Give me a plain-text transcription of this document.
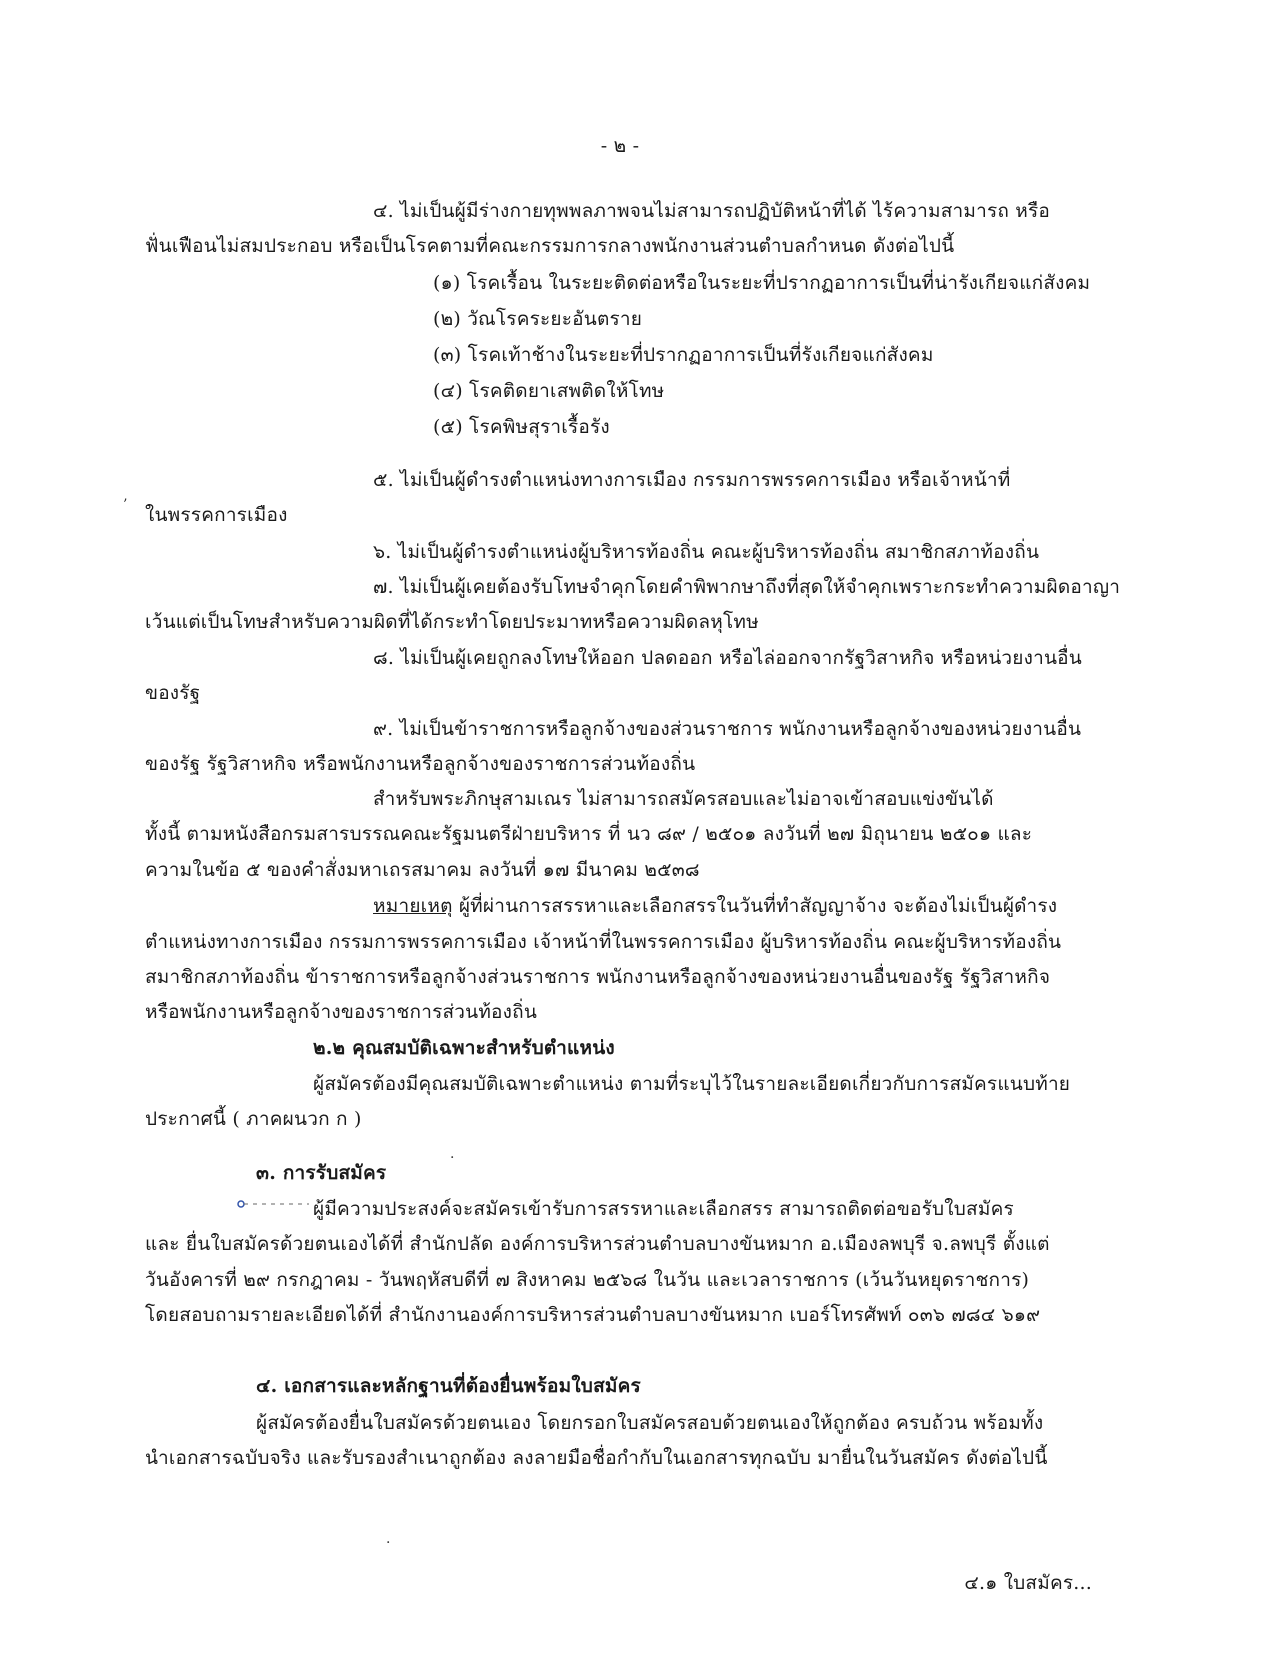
- ๒ -
๔. ไม่เป็นผู้มีร่างกายทุพพลภาพจนไม่สามารถปฏิบัติหน้าที่ได้ ไร้ความสามารถ หรือ
ฟั่นเฟือนไม่สมประกอบ หรือเป็นโรคตามที่คณะกรรมการกลางพนักงานส่วนตำบลกำหนด ดังต่อไปนี้
(๑) โรคเรื้อน ในระยะติดต่อหรือในระยะที่ปรากฏอาการเป็นที่น่ารังเกียจแก่สังคม
(๒) วัณโรคระยะอันตราย
(๓) โรคเท้าช้างในระยะที่ปรากฏอาการเป็นที่รังเกียจแก่สังคม
(๔) โรคติดยาเสพติดให้โทษ
(๕) โรคพิษสุราเรื้อรัง
๕. ไม่เป็นผู้ดำรงตำแหน่งทางการเมือง กรรมการพรรคการเมือง หรือเจ้าหน้าที่
ในพรรคการเมือง
๖. ไม่เป็นผู้ดำรงตำแหน่งผู้บริหารท้องถิ่น คณะผู้บริหารท้องถิ่น สมาชิกสภาท้องถิ่น
๗. ไม่เป็นผู้เคยต้องรับโทษจำคุกโดยคำพิพากษาถึงที่สุดให้จำคุกเพราะกระทำความผิดอาญา
เว้นแต่เป็นโทษสำหรับความผิดที่ได้กระทำโดยประมาทหรือความผิดลหุโทษ
๘. ไม่เป็นผู้เคยถูกลงโทษให้ออก ปลดออก หรือไล่ออกจากรัฐวิสาหกิจ หรือหน่วยงานอื่น
ของรัฐ
๙. ไม่เป็นข้าราชการหรือลูกจ้างของส่วนราชการ พนักงานหรือลูกจ้างของหน่วยงานอื่น
ของรัฐ รัฐวิสาหกิจ หรือพนักงานหรือลูกจ้างของราชการส่วนท้องถิ่น
สำหรับพระภิกษุสามเณร ไม่สามารถสมัครสอบและไม่อาจเข้าสอบแข่งขันได้
ทั้งนี้ ตามหนังสือกรมสารบรรณคณะรัฐมนตรีฝ่ายบริหาร ที่ นว ๘๙ / ๒๕๐๑ ลงวันที่ ๒๗ มิถุนายน ๒๕๐๑ และ
ความในข้อ ๕ ของคำสั่งมหาเถรสมาคม ลงวันที่ ๑๗ มีนาคม ๒๕๓๘
หมายเหตุ ผู้ที่ผ่านการสรรหาและเลือกสรรในวันที่ทำสัญญาจ้าง จะต้องไม่เป็นผู้ดำรง
ตำแหน่งทางการเมือง กรรมการพรรคการเมือง เจ้าหน้าที่ในพรรคการเมือง ผู้บริหารท้องถิ่น คณะผู้บริหารท้องถิ่น
สมาชิกสภาท้องถิ่น ข้าราชการหรือลูกจ้างส่วนราชการ พนักงานหรือลูกจ้างของหน่วยงานอื่นของรัฐ รัฐวิสาหกิจ
หรือพนักงานหรือลูกจ้างของราชการส่วนท้องถิ่น
๒.๒ คุณสมบัติเฉพาะสำหรับตำแหน่ง
ผู้สมัครต้องมีคุณสมบัติเฉพาะตำแหน่ง ตามที่ระบุไว้ในรายละเอียดเกี่ยวกับการสมัครแนบท้าย
ประกาศนี้ ( ภาคผนวก ก )
๓. การรับสมัคร
ผู้มีความประสงค์จะสมัครเข้ารับการสรรหาและเลือกสรร สามารถติดต่อขอรับใบสมัคร
และ ยื่นใบสมัครด้วยตนเองได้ที่ สำนักปลัด องค์การบริหารส่วนตำบลบางขันหมาก อ.เมืองลพบุรี จ.ลพบุรี ตั้งแต่
วันอังคารที่ ๒๙ กรกฎาคม - วันพฤหัสบดีที่ ๗ สิงหาคม ๒๕๖๘ ในวัน และเวลาราชการ (เว้นวันหยุดราชการ)
โดยสอบถามรายละเอียดได้ที่ สำนักงานองค์การบริหารส่วนตำบลบางขันหมาก เบอร์โทรศัพท์ ๐๓๖ ๗๘๔ ๖๑๙
๔. เอกสารและหลักฐานที่ต้องยื่นพร้อมใบสมัคร
ผู้สมัครต้องยื่นใบสมัครด้วยตนเอง โดยกรอกใบสมัครสอบด้วยตนเองให้ถูกต้อง ครบถ้วน พร้อมทั้ง
นำเอกสารฉบับจริง และรับรองสำเนาถูกต้อง ลงลายมือชื่อกำกับในเอกสารทุกฉบับ มายื่นในวันสมัคร ดังต่อไปนี้
๔.๑ ใบสมัคร...
’
·
·
